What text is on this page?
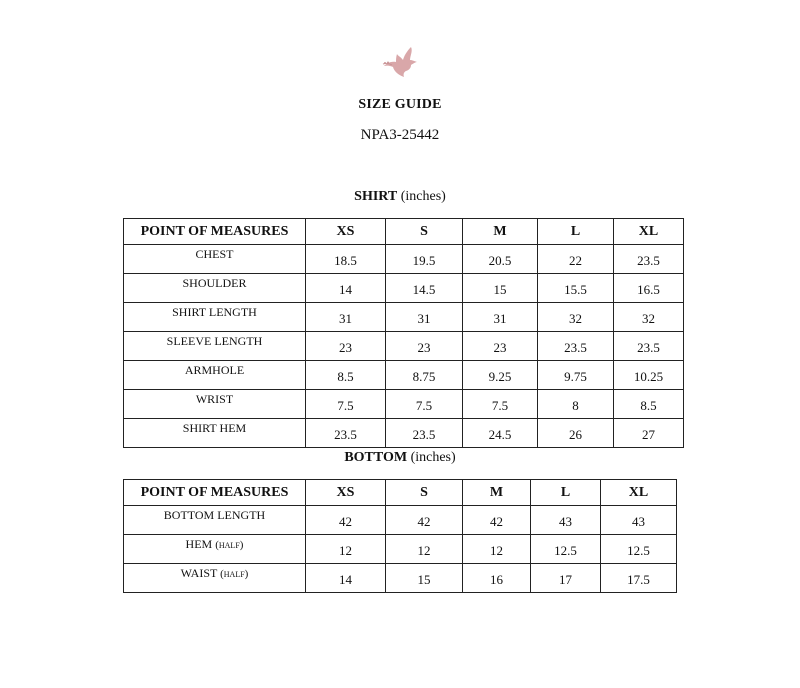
SIZE GUIDE
NPA3-25442
SHIRT (inches)
POINT OF MEASURES	XS	S	M	L	XL
CHEST	18.5	19.5	20.5	22	23.5
SHOULDER	14	14.5	15	15.5	16.5
SHIRT LENGTH	31	31	31	32	32
SLEEVE LENGTH	23	23	23	23.5	23.5
ARMHOLE	8.5	8.75	9.25	9.75	10.25
WRIST	7.5	7.5	7.5	8	8.5
SHIRT HEM	23.5	23.5	24.5	26	27
BOTTOM (inches)
POINT OF MEASURES	XS	S	M	L	XL
BOTTOM LENGTH	42	42	42	43	43
HEM (half)	12	12	12	12.5	12.5
WAIST (half)	14	15	16	17	17.5
